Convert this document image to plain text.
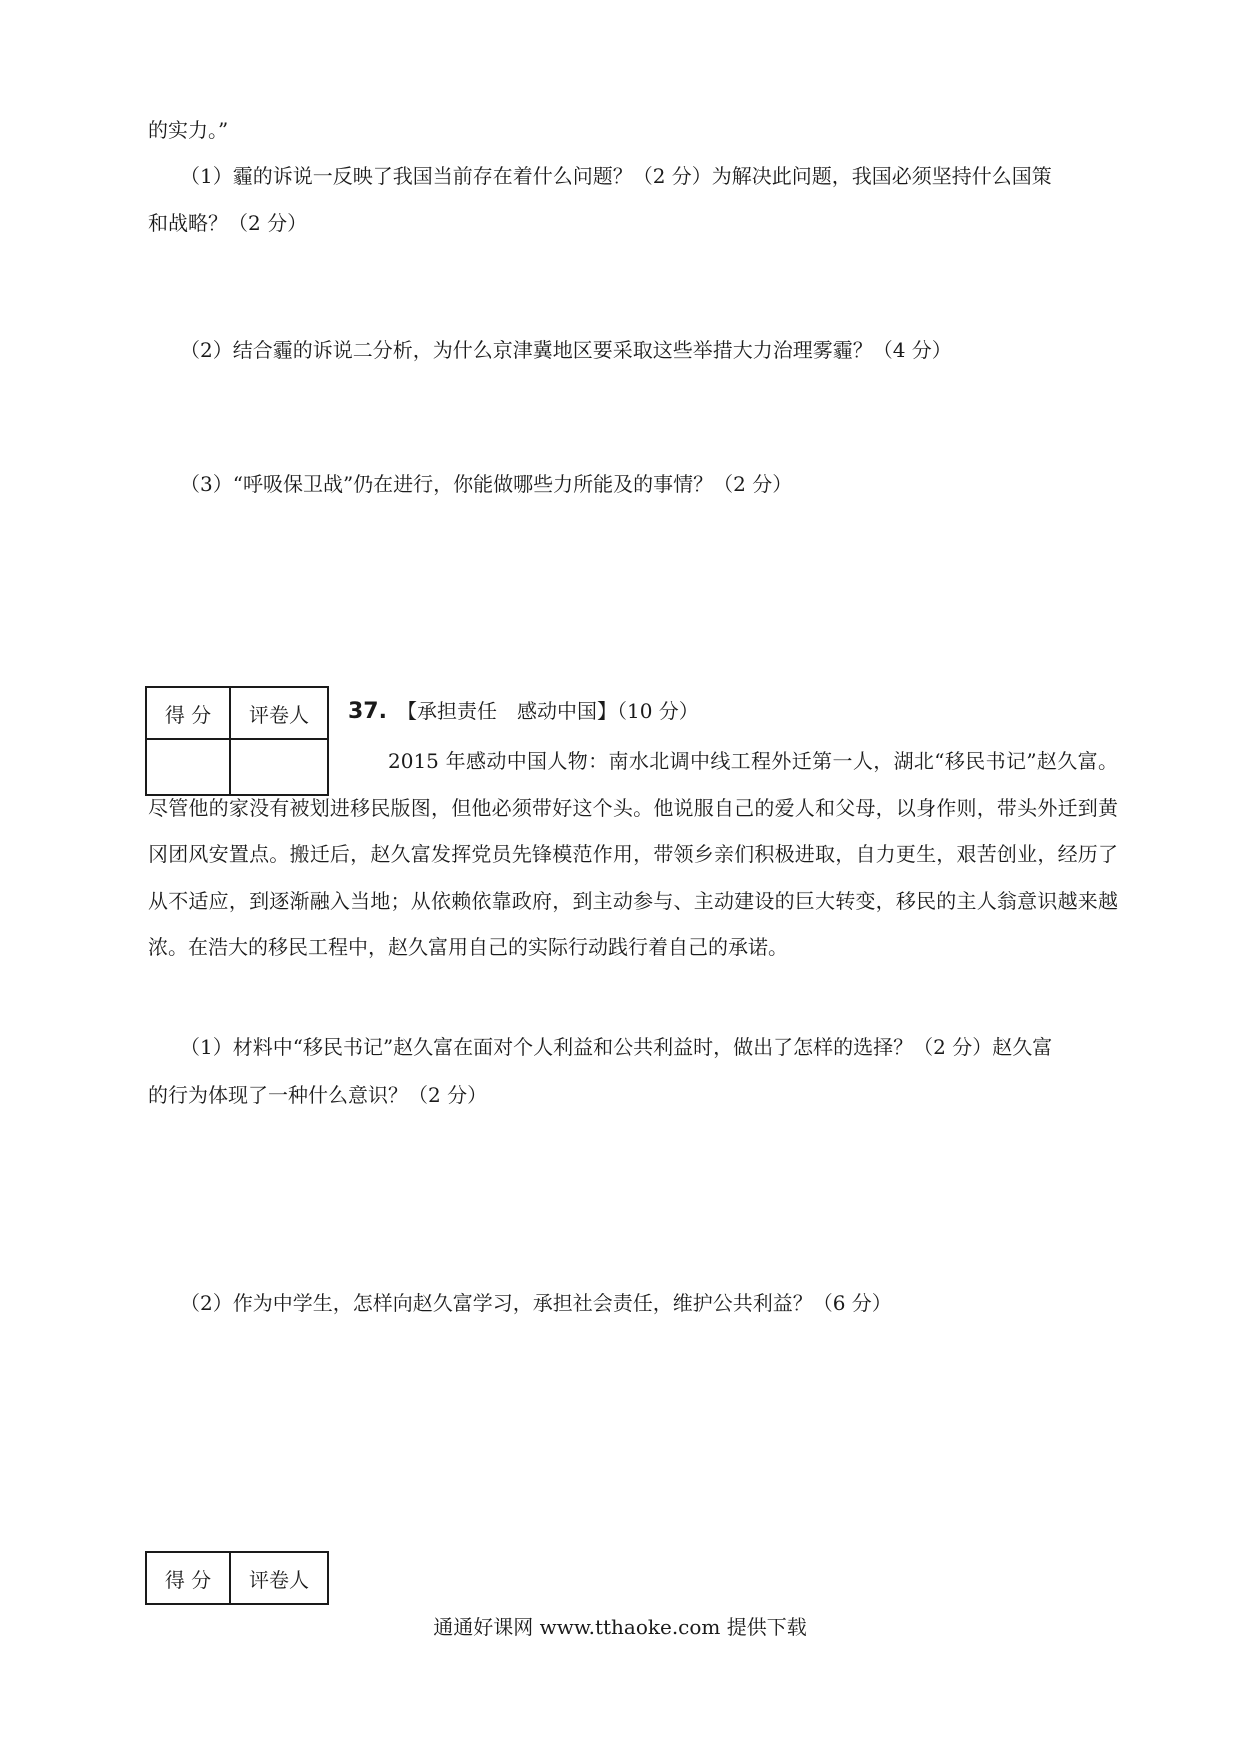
的实力。”
（1）霾的诉说一反映了我国当前存在着什么问题？（2 分）为解决此问题，我国必须坚持什么国策
和战略？（2 分）
（2）结合霾的诉说二分析，为什么京津冀地区要采取这些举措大力治理雾霾？（4 分）
（3）“呼吸保卫战”仍在进行，你能做哪些力所能及的事情？（2 分）
得 分	评卷人
	37. 【承担责任　感动中国】（10 分）
2015 年感动中国人物：南水北调中线工程外迁第一人，湖北“移民书记”赵久富。尽管他的家没有被划进移民版图，但他必须带好这个头。他说服自己的爱人和父母，以身作则，带头外迁到黄冈团风安置点。搬迁后，赵久富发挥党员先锋模范作用，带领乡亲们积极进取，自力更生，艰苦创业，经历了从不适应，到逐渐融入当地；从依赖依靠政府，到主动参与、主动建设的巨大转变，移民的主人翁意识越来越浓。在浩大的移民工程中，赵久富用自己的实际行动践行着自己的承诺。
（1）材料中“移民书记”赵久富在面对个人利益和公共利益时，做出了怎样的选择？（2 分）赵久富
的行为体现了一种什么意识？（2 分）
（2）作为中学生，怎样向赵久富学习，承担社会责任，维护公共利益？（6 分）
得 分	评卷人
通通好课网 www.tthaoke.com 提供下载
